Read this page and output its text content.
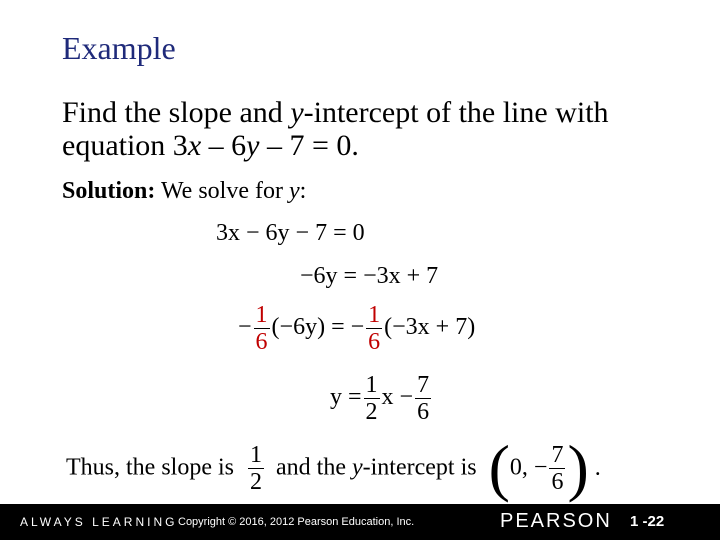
Example
Find the slope and y-intercept of the line with
equation 3x – 6y – 7 = 0.
Solution: We solve for y:
3x − 6y − 7 = 0
−6y = −3x + 7
− $\frac{1}{6} (-6y)$ = − $\frac{1}{6} (-3x + 7)$
$y = \frac{1}{2}$ $x - \frac{7}{6}$
Thus, the slope is $\frac{1}{2}$ and the y-intercept is (0, − $\frac{7}{6}$ ) .
ALWAYS LEARNING Copyright © 2016, 2012 Pearson Education, Inc.	PEARSON 1 -22
